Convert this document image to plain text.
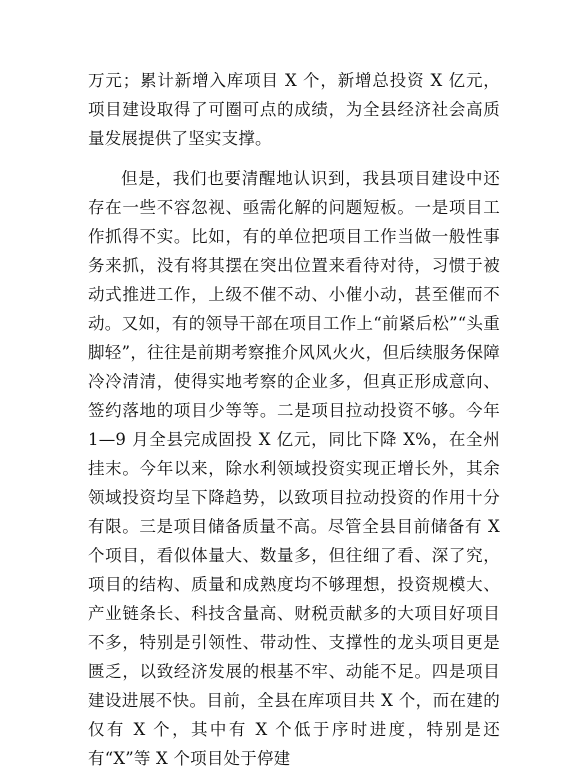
万元；累计新增入库项目 X 个，新增总投资 X 亿元，项目建设取得了可圈可点的成绩，为全县经济社会高质量发展提供了坚实支撑。

但是，我们也要清醒地认识到，我县项目建设中还存在一些不容忽视、亟需化解的问题短板。一是项目工作抓得不实。比如，有的单位把项目工作当做一般性事务来抓，没有将其摆在突出位置来看待对待，习惯于被动式推进工作，上级不催不动、小催小动，甚至催而不动。又如，有的领导干部在项目工作上“前紧后松”“头重脚轻”，往往是前期考察推介风风火火，但后续服务保障冷冷清清，使得实地考察的企业多，但真正形成意向、签约落地的项目少等等。二是项目拉动投资不够。今年 1—9 月全县完成固投 X 亿元，同比下降 X%，在全州挂末。今年以来，除水利领域投资实现正增长外，其余领域投资均呈下降趋势，以致项目拉动投资的作用十分有限。三是项目储备质量不高。尽管全县目前储备有 X 个项目，看似体量大、数量多，但往细了看、深了究，项目的结构、质量和成熟度均不够理想，投资规模大、产业链条长、科技含量高、财税贡献多的大项目好项目不多，特别是引领性、带动性、支撑性的龙头项目更是匮乏，以致经济发展的根基不牢、动能不足。四是项目建设进展不快。目前，全县在库项目共 X 个，而在建的仅有 X 个，其中有 X 个低于序时进度，特别是还有“X”等 X 个项目处于停建
